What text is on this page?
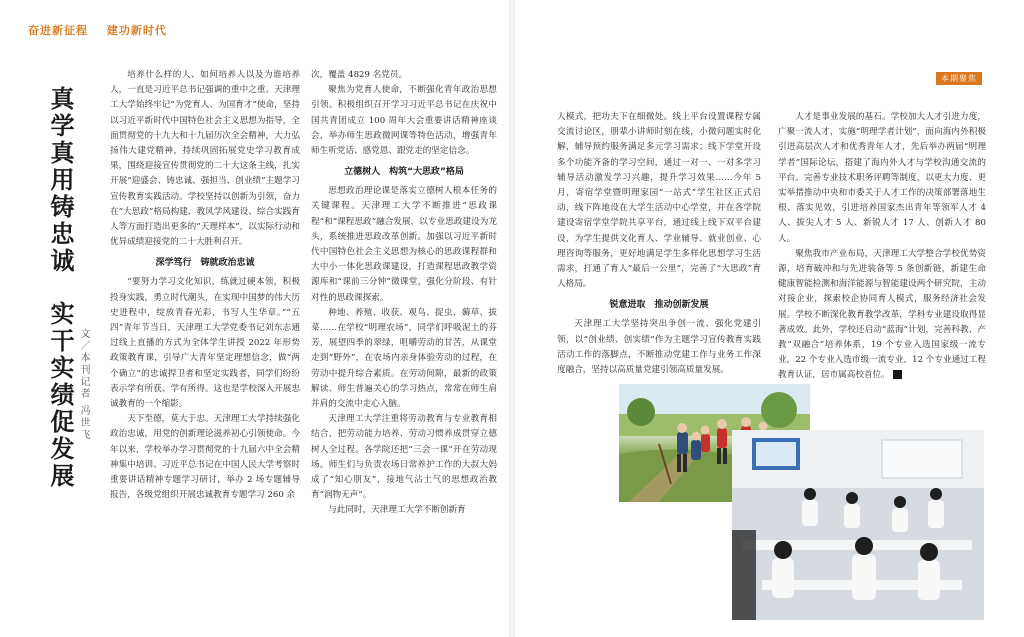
奋进新征程 建功新时代
真学真用铸忠诚实干实绩促发展 文／本刊记者 冯世飞

培养什么样的人、如何培养人以及为谁培养人，一直是习近平总书记强调的重中之重。天津理工大学始终牢记“为党育人、为国育才”使命，坚持以习近平新时代中国特色社会主义思想为指导，全面贯彻党的十九大和十九届历次全会精神，大力弘扬伟大建党精神，持续巩固拓展党史学习教育成果，围绕迎接宣传贯彻党的二十大这条主线，扎实开展“迎盛会、铸忠诚、强担当、创业绩”主题学习宣传教育实践活动。学校坚持以创新为引领，奋力在“大思政”格局构建、教风学风建设、综合实践育人等方面打造出更多的“天理样本”，以实际行动和优异成绩迎接党的二十大胜利召开。

深学笃行　铸就政治忠诚

“要努力学习文化知识，练就过硬本领，积极投身实践，勇立时代潮头，在实现中国梦的伟大历史进程中，绽放青春光彩，书写人生华章。”“五四”青年节当日，天津理工大学党委书记刘东志通过线上直播的方式为全体学生讲授 2022 年形势政策教育课，引导广大青年坚定理想信念，做“两个确立”的忠诚捍卫者和坚定实践者，同学们纷纷表示学有所获、学有所得。这也是学校深入开展忠诚教育的一个缩影。

天下至德，莫大于忠。天津理工大学持续强化政治忠诚，用党的创新理论滋养初心引领使命。今年以来，学校举办学习贯彻党的十九届六中全会精神集中培训、习近平总书记在中国人民大学考察时重要讲话精神专题学习研讨，举办 2 场专题辅导报告，各级党组织开展忠诚教育专题学习 260 余

次，覆盖 4829 名党员。

聚焦为党育人使命，不断强化青年政治思想引领。积极组织召开学习习近平总书记在庆祝中国共青团成立 100 周年大会重要讲话精神座谈会，举办师生思政微网课等特色活动，增强青年师生听党话、感党恩、跟党走的坚定信念。

立德树人　构筑“大思政”格局

思想政治理论课是落实立德树人根本任务的关键课程。天津理工大学不断推进“思政课程”和“课程思政”融合发展，以专业思政建设为龙头，系统推进思政改革创新。加强以习近平新时代中国特色社会主义思想为核心的思政课程群和大中小一体化思政课建设，打造课程思政教学资源库和“课前三分钟”微课堂，强化分阶段、有针对性的思政课探索。

种地、养殖、收获、观鸟、捉虫、薅草、拔菜……在学校“明理农场”，同学们呼吸泥土的芬芳，展望四季的翠绿，咀嚼劳动的甘苦，从课堂走到“野外”，在农场内亲身体验劳动的过程，在劳动中提升综合素质。在劳动间隙，最新的政策解读、师生普遍关心的学习热点，常常在师生肩并肩的交流中走心入脑。

天津理工大学注重将劳动教育与专业教育相结合，把劳动能力培养、劳动习惯养成贯穿立德树人全过程。各学院还把“三会一课”开在劳动现场。师生们与负责农场日常养护工作的大叔大妈成了“知心朋友”，接地气沾土气的思想政治教育“润物无声”。

与此同时，天津理工大学不断创新育

本期聚焦

人模式，把功夫下在细微处。线上平台设置课程专属交流讨论区，朋辈小讲师时刻在线，小微问题实时化解，辅导预约服务满足多元学习需求；线下学堂开设多个功能齐备的学习空间，通过一对一、一对多学习辅导活动激发学习兴趣，提升学习效果……今年 5 月，寄宿学堂暨明理家园“一站式”学生社区正式启动，线下阵地设在大学生活动中心学堂，并在各学院建设寄宿学堂学院共享平台，通过线上线下双平台建设，为学生提供文化育人、学业辅导、就业创业、心理咨询等服务，更好地满足学生多样化思想学习生活需求，打通了育人“最后一公里”，完善了“大思政”育人格局。

锐意进取　推动创新发展

天津理工大学坚持突出争创一流、强化党建引领，以“创业绩、创实绩”作为主题学习宣传教育实践活动工作的落脚点，不断推动党建工作与业务工作深度融合，坚持以高质量党建引领高质量发展。

人才是事业发展的基石。学校加大人才引进力度，广聚一流人才，实施“明理学者计划”，面向海内外积极引进高层次人才和优秀青年人才，先后举办两届“明理学者”国际论坛，搭建了海内外人才与学校沟通交流的平台。完善专业技术职务评聘等制度，以更大力度、更实举措推动中央和市委关于人才工作的决策部署落地生根、落实见效，引进培养国家杰出青年等领军人才 4 人、拔尖人才 5 人、新锐人才 17 人、创新人才 80 人。

聚焦我市产业布局，天津理工大学整合学校优势资源，培育破冲和与先进装备等 5 条创新链，新建生命健康智能检测和海洋能源与智能建设两个研究院，主动对接企业，探索校企协同育人模式，服务经济社会发展。学校不断深化教育教学改革，学科专业建设取得显著成效。此外，学校还启动“蓝海”计划，完善科教、产教“双融合”培养体系，19 个专业入选国家级一流专业，22 个专业入选市级一流专业，12 个专业通过工程教育认证，居市属高校首位。	飞
